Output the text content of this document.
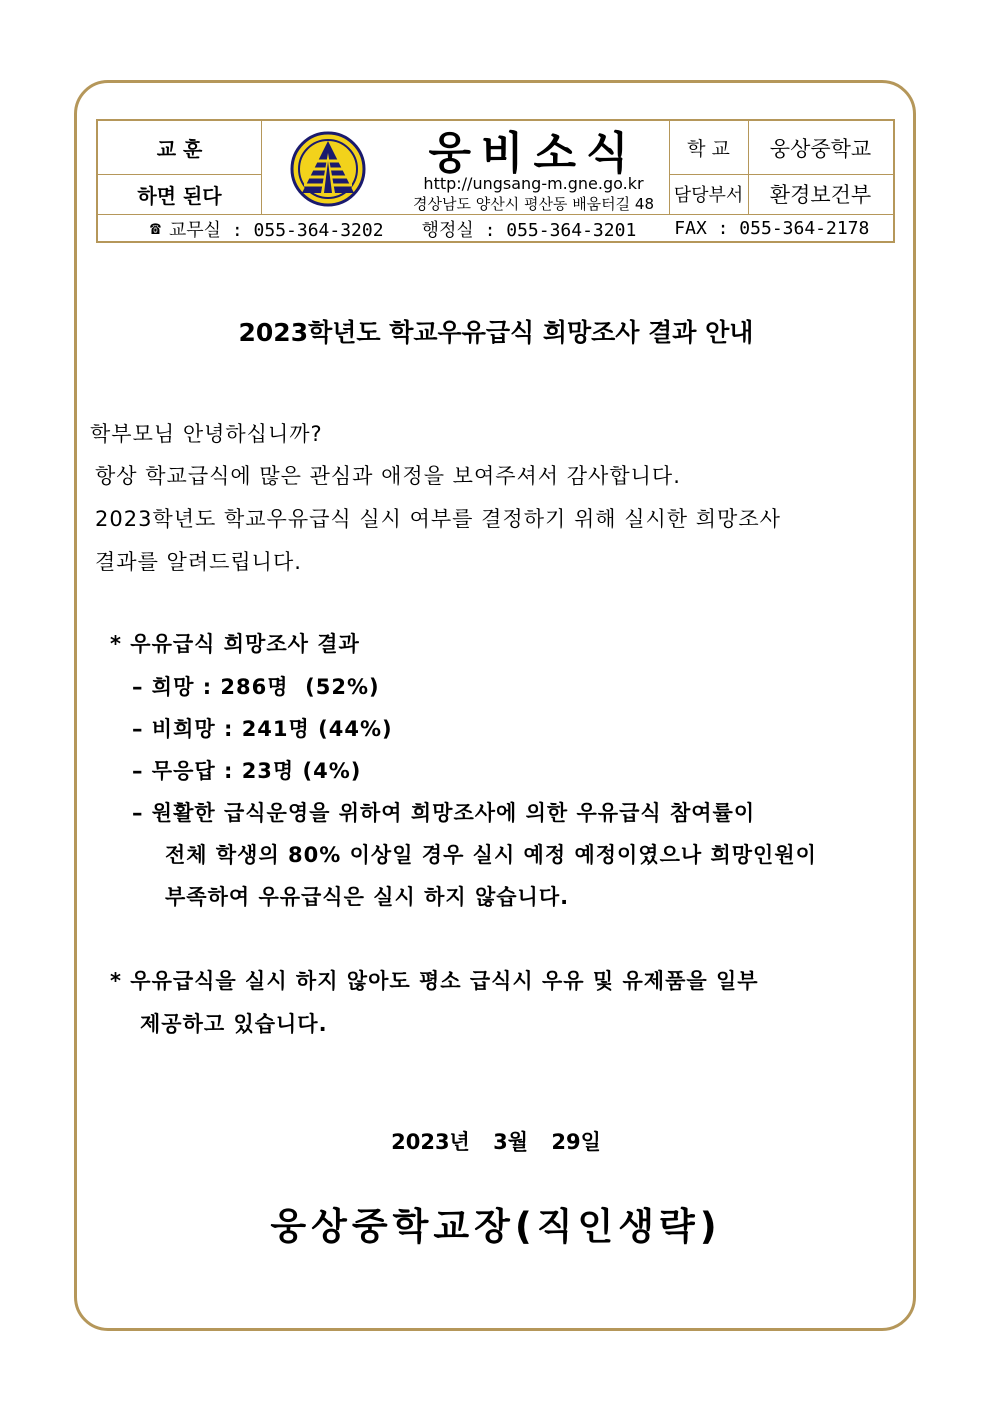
교 훈
하면 된다
웅비소식
http://ungsang-m.gne.go.kr
경상남도 양산시 평산동 배움터길 48
학 교	웅상중학교
담당부서	환경보건부
☎ 교무실 : 055-364-3202 행정실 : 055-364-3201 FAX : 055-364-2178
2023학년도 학교우유급식 희망조사 결과 안내
학부모님 안녕하십니까?
항상 학교급식에 많은 관심과 애정을 보여주셔서 감사합니다.
2023학년도 학교우유급식 실시 여부를 결정하기 위해 실시한 희망조사
결과를 알려드립니다.
* 우유급식 희망조사 결과
– 희망 : 286명  (52%)
– 비희망 : 241명 (44%)
– 무응답 : 23명 (4%)
– 원활한 급식운영을 위하여 희망조사에 의한 우유급식 참여률이
전체 학생의 80% 이상일 경우 실시 예정 예정이였으나 희망인원이
부족하여 우유급식은 실시 하지 않습니다.
* 우유급식을 실시 하지 않아도 평소 급식시 우유 및 유제품을 일부
제공하고 있습니다.
2023년 3월 29일
웅상중학교장(직인생략)
